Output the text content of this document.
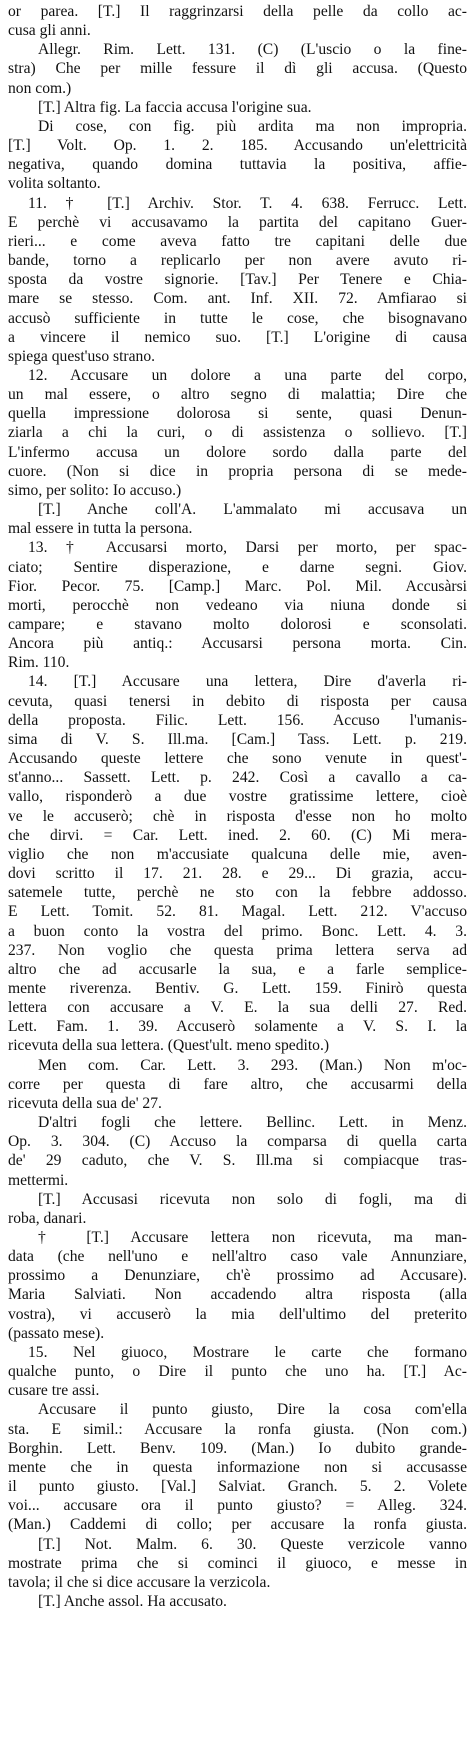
or parea. [T.] Il raggrinzarsi della pelle da collo ac-
cusa gli anni.
Allegr. Rim. Lett. 131. (C) (L'uscio o la fine-
stra) Che per mille fessure il dì gli accusa. (Questo
non com.)
[T.] Altra fig. La faccia accusa l'origine sua.
Di cose, con fig. più ardita ma non impropria.
[T.] Volt. Op. 1. 2. 185. Accusando un'elettricità
negativa, quando domina tuttavia la positiva, affie-
volita soltanto.
11. † [T.] Archiv. Stor. T. 4. 638. Ferrucc. Lett.
E perchè vi accusavamo la partita del capitano Guer-
rieri... e come aveva fatto tre capitani delle due
bande, torno a replicarlo per non avere avuto ri-
sposta da vostre signorie. [Tav.] Per Tenere e Chia-
mare se stesso. Com. ant. Inf. XII. 72. Amfiarao si
accusò sufficiente in tutte le cose, che bisognavano
a vincere il nemico suo. [T.] L'origine di causa
spiega quest'uso strano.
12. Accusare un dolore a una parte del corpo,
un mal essere, o altro segno di malattia; Dire che
quella impressione dolorosa si sente, quasi Denun-
ziarla a chi la curi, o di assistenza o sollievo. [T.]
L'infermo accusa un dolore sordo dalla parte del
cuore. (Non si dice in propria persona di se mede-
simo, per solito: Io accuso.)
[T.] Anche coll'A. L'ammalato mi accusava un
mal essere in tutta la persona.
13. † Accusarsi morto, Darsi per morto, per spac-
ciato; Sentire disperazione, e darne segni. Giov.
Fior. Pecor. 75. [Camp.] Marc. Pol. Mil. Accusàrsi
morti, perocchè non vedeano via niuna donde si
campare; e stavano molto dolorosi e sconsolati.
Ancora più antiq.: Accusarsi persona morta. Cin.
Rim. 110.
14. [T.] Accusare una lettera, Dire d'averla ri-
cevuta, quasi tenersi in debito di risposta per causa
della proposta. Filic. Lett. 156. Accuso l'umanis-
sima di V. S. Ill.ma. [Cam.] Tass. Lett. p. 219.
Accusando queste lettere che sono venute in quest'-
st'anno... Sassett. Lett. p. 242. Così a cavallo a ca-
vallo, risponderò a due vostre gratissime lettere, cioè
ve le accuserò; chè in risposta d'esse non ho molto
che dirvi. = Car. Lett. ined. 2. 60. (C) Mi mera-
viglio che non m'accusiate qualcuna delle mie, aven-
dovi scritto il 17. 21. 28. e 29... Di grazia, accu-
satemele tutte, perchè ne sto con la febbre addosso.
E Lett. Tomit. 52. 81. Magal. Lett. 212. V'accuso
a buon conto la vostra del primo. Bonc. Lett. 4. 3.
237. Non voglio che questa prima lettera serva ad
altro che ad accusarle la sua, e a farle semplice-
mente riverenza. Bentiv. G. Lett. 159. Finirò questa
lettera con accusare a V. E. la sua delli 27. Red.
Lett. Fam. 1. 39. Accuserò solamente a V. S. I. la
ricevuta della sua lettera. (Quest'ult. meno spedito.)
Men com. Car. Lett. 3. 293. (Man.) Non m'oc-
corre per questa di fare altro, che accusarmi della
ricevuta della sua de' 27.
D'altri fogli che lettere. Bellinc. Lett. in Menz.
Op. 3. 304. (C) Accuso la comparsa di quella carta
de' 29 caduto, che V. S. Ill.ma si compiacque tras-
mettermi.
[T.] Accusasi ricevuta non solo di fogli, ma di
roba, danari.
† [T.] Accusare lettera non ricevuta, ma man-
data (che nell'uno e nell'altro caso vale Annunziare,
prossimo a Denunziare, ch'è prossimo ad Accusare).
Maria Salviati. Non accadendo altra risposta (alla
vostra), vi accuserò la mia dell'ultimo del preterito
(passato mese).
15. Nel giuoco, Mostrare le carte che formano
qualche punto, o Dire il punto che uno ha. [T.] Ac-
cusare tre assi.
Accusare il punto giusto, Dire la cosa com'ella
sta. E simil.: Accusare la ronfa giusta. (Non com.)
Borghin. Lett. Benv. 109. (Man.) Io dubito grande-
mente che in questa informazione non si accusasse
il punto giusto. [Val.] Salviat. Granch. 5. 2. Volete
voi... accusare ora il punto giusto? = Alleg. 324.
(Man.) Caddemi di collo; per accusare la ronfa giusta.
[T.] Not. Malm. 6. 30. Queste verzicole vanno
mostrate prima che si cominci il giuoco, e messe in
tavola; il che si dice accusare la verzicola.
[T.] Anche assol. Ha accusato.
